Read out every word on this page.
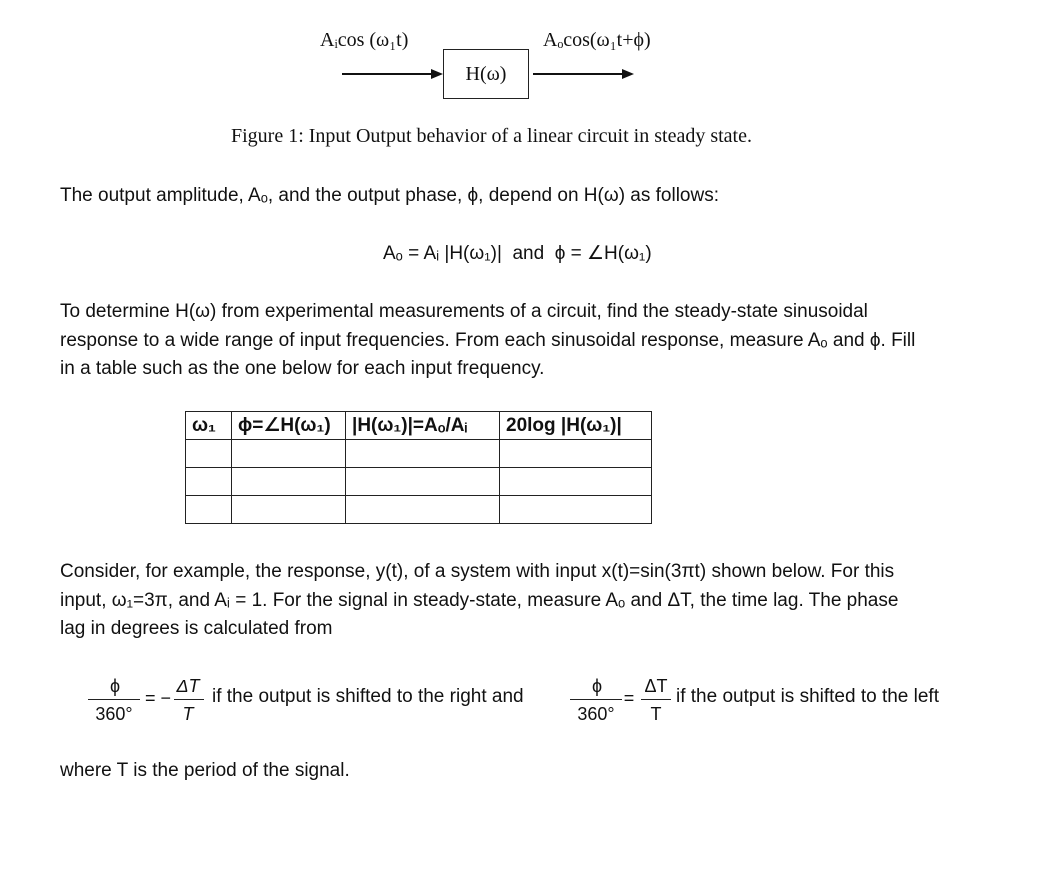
Aᵢcos (ω₁t)	Aₒcos(ω₁t+ϕ)
H(ω)
Figure 1: Input Output behavior of a linear circuit in steady state.
The output amplitude, Aₒ, and the output phase, ϕ, depend on H(ω) as follows:
Aₒ = Aᵢ |H(ω₁)| and ϕ = ∠H(ω₁)
To determine H(ω) from experimental measurements of a circuit, find the steady-state sinusoidal
response to a wide range of input frequencies. From each sinusoidal response, measure Aₒ and ϕ. Fill
in a table such as the one below for each input frequency.
ω₁	ϕ=∠H(ω₁)	|H(ω₁)|=Aₒ/Aᵢ	20log |H(ω₁)|

Consider, for example, the response, y(t), of a system with input x(t)=sin(3πt) shown below. For this
input, ω₁=3π, and Aᵢ = 1. For the signal in steady-state, measure Aₒ and ΔT, the time lag. The phase
lag in degrees is calculated from
ϕ
360°
= −
ΔT
T
if the output is shifted to the right and	ϕ
360°
=
ΔT
T
if the output is shifted to the left
where T is the period of the signal.
